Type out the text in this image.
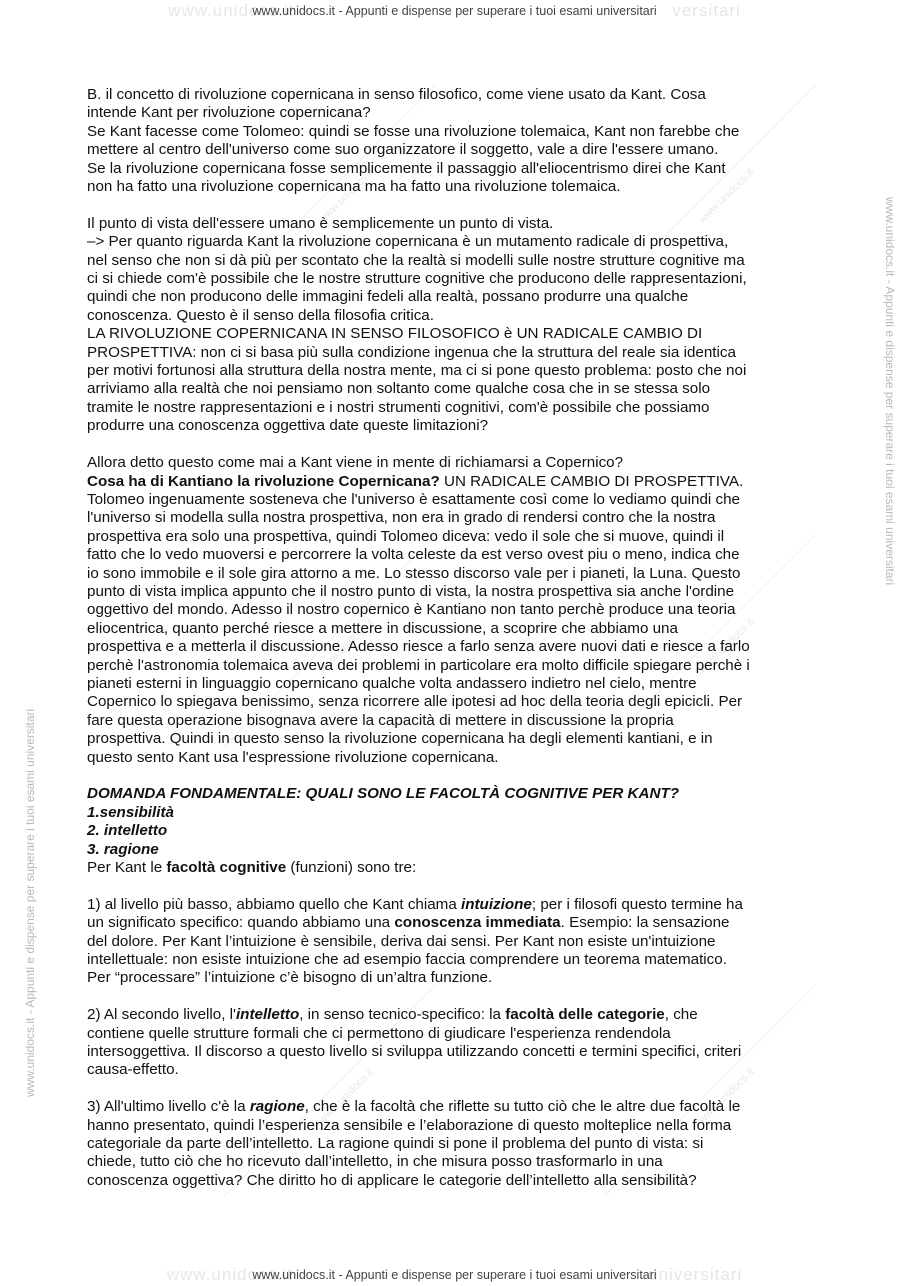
www.unidocs.it	versitari
www.unidocs.it - Appunti e dispense per superare i tuoi esami universitari
www.unidocs.it - Appunti e dispense per superare i tuoi esami universitari
www.unidocs.it - Appunti e dispense per superare i tuoi esami universitari
www.unidocs.it	www.unidocs.it
www.unidocs.it	www.unidocs.it
www.unidocs.it	www.unidocs.it

B. il concetto di rivoluzione copernicana in senso filosofico, come viene usato da Kant. Cosa

intende Kant per rivoluzione copernicana?

Se Kant facesse come Tolomeo: quindi se fosse una rivoluzione tolemaica, Kant non farebbe che

mettere al centro dell'universo come suo organizzatore il soggetto, vale a dire l'essere umano.

Se la rivoluzione copernicana fosse semplicemente il passaggio all'eliocentrismo direi che Kant

non ha fatto una rivoluzione copernicana ma ha fatto una rivoluzione tolemaica.

Il punto di vista dell'essere umano è semplicemente un punto di vista.

–> Per quanto riguarda Kant la rivoluzione copernicana è un mutamento radicale di prospettiva,

nel senso che non si dà più per scontato che la realtà si modelli sulle nostre strutture cognitive ma

ci si chiede com'è possibile che le nostre strutture cognitive che producono delle rappresentazioni,

quindi che non producono delle immagini fedeli alla realtà, possano produrre una qualche

conoscenza. Questo è il senso della filosofia critica.

LA RIVOLUZIONE COPERNICANA IN SENSO FILOSOFICO è UN RADICALE CAMBIO DI

PROSPETTIVA: non ci si basa più sulla condizione ingenua che la struttura del reale sia identica

per motivi fortunosi alla struttura della nostra mente, ma ci si pone questo problema: posto che noi

arriviamo alla realtà che noi pensiamo non soltanto come qualche cosa che in se stessa solo

tramite le nostre rappresentazioni e i nostri strumenti cognitivi, com'è possibile che possiamo

produrre una conoscenza oggettiva date queste limitazioni?

Allora detto questo come mai a Kant viene in mente di richiamarsi a Copernico?

Cosa ha di Kantiano la rivoluzione Copernicana? UN RADICALE CAMBIO DI PROSPETTIVA.

Tolomeo ingenuamente sosteneva che l'universo è esattamente così come lo vediamo quindi che

l'universo si modella sulla nostra prospettiva, non era in grado di rendersi contro che la nostra

prospettiva era solo una prospettiva, quindi Tolomeo diceva: vedo il sole che si muove, quindi il

fatto che lo vedo muoversi e percorrere la volta celeste da est verso ovest piu o meno, indica che

io sono immobile e il sole gira attorno a me. Lo stesso discorso vale per i pianeti, la Luna. Questo

punto di vista implica appunto che il nostro punto di vista, la nostra prospettiva sia anche l'ordine

oggettivo del mondo. Adesso il nostro copernico è Kantiano non tanto perchè produce una teoria

eliocentrica, quanto perché riesce a mettere in discussione, a scoprire che abbiamo una

prospettiva e a metterla il discussione. Adesso riesce a farlo senza avere nuovi dati e riesce a farlo

perchè l'astronomia tolemaica aveva dei problemi in particolare era molto difficile spiegare perchè i

pianeti esterni in linguaggio copernicano qualche volta andassero indietro nel cielo, mentre

Copernico lo spiegava benissimo, senza ricorrere alle ipotesi ad hoc della teoria degli epicicli. Per

fare questa operazione bisognava avere la capacità di mettere in discussione la propria

prospettiva. Quindi in questo senso la rivoluzione copernicana ha degli elementi kantiani, e in

questo sento Kant usa l'espressione rivoluzione copernicana.

DOMANDA FONDAMENTALE: QUALI SONO LE FACOLTÀ COGNITIVE PER KANT?

1.sensibilità

2. intelletto

3. ragione

Per Kant le facoltà cognitive (funzioni) sono tre:

1) al livello più basso, abbiamo quello che Kant chiama intuizione; per i filosofi questo termine ha

un significato specifico: quando abbiamo una conoscenza immediata. Esempio: la sensazione

del dolore. Per Kant l’intuizione è sensibile, deriva dai sensi. Per Kant non esiste un'intuizione

intellettuale: non esiste intuizione che ad esempio faccia comprendere un teorema matematico.

Per “processare” l’intuizione c’è bisogno di un’altra funzione.

2) Al secondo livello, l'intelletto, in senso tecnico-specifico: la facoltà delle categorie, che

contiene quelle strutture formali che ci permettono di giudicare l'esperienza rendendola

intersoggettiva. Il discorso a questo livello si sviluppa utilizzando concetti e termini specifici, criteri

causa-effetto.

3) All'ultimo livello c'è la ragione, che è la facoltà che riflette su tutto ciò che le altre due facoltà le

hanno presentato, quindi l’esperienza sensibile e l’elaborazione di questo molteplice nella forma

categoriale da parte dell’intelletto. La ragione quindi si pone il problema del punto di vista: si

chiede, tutto ciò che ho ricevuto dall’intelletto, in che misura posso trasformarlo in una

conoscenza oggettiva? Che diritto ho di applicare le categorie dell’intelletto alla sensibilità?

www.unidocs.it	universitari
www.unidocs.it - Appunti e dispense per superare i tuoi esami universitari
